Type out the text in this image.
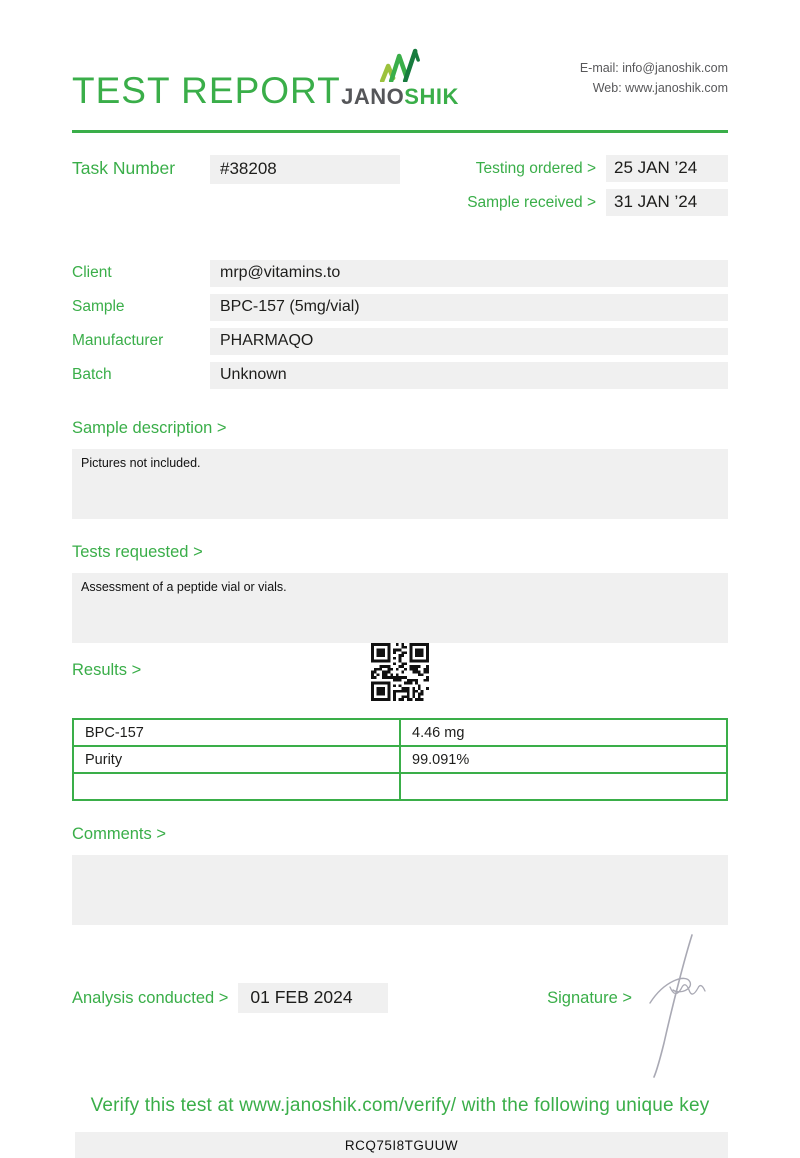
TEST REPORT JANOSHIK
E-mail: info@janoshik.com
Web: www.janoshik.com
Task Number	#38208	Testing ordered >	25 JAN ’24
Sample received >	31 JAN ’24
Client	mrp@vitamins.to
Sample	BPC-157 (5mg/vial)
Manufacturer	PHARMAQO
Batch	Unknown
Sample description >
Pictures not included.
Tests requested >
Assessment of a peptide vial or vials.
Results >
BPC-157	4.46 mg
Purity	99.091%

Comments >
Analysis conducted >	01 FEB 2024	Signature >
Verify this test at www.janoshik.com/verify/ with the following unique key
RCQ75I8TGUUW
